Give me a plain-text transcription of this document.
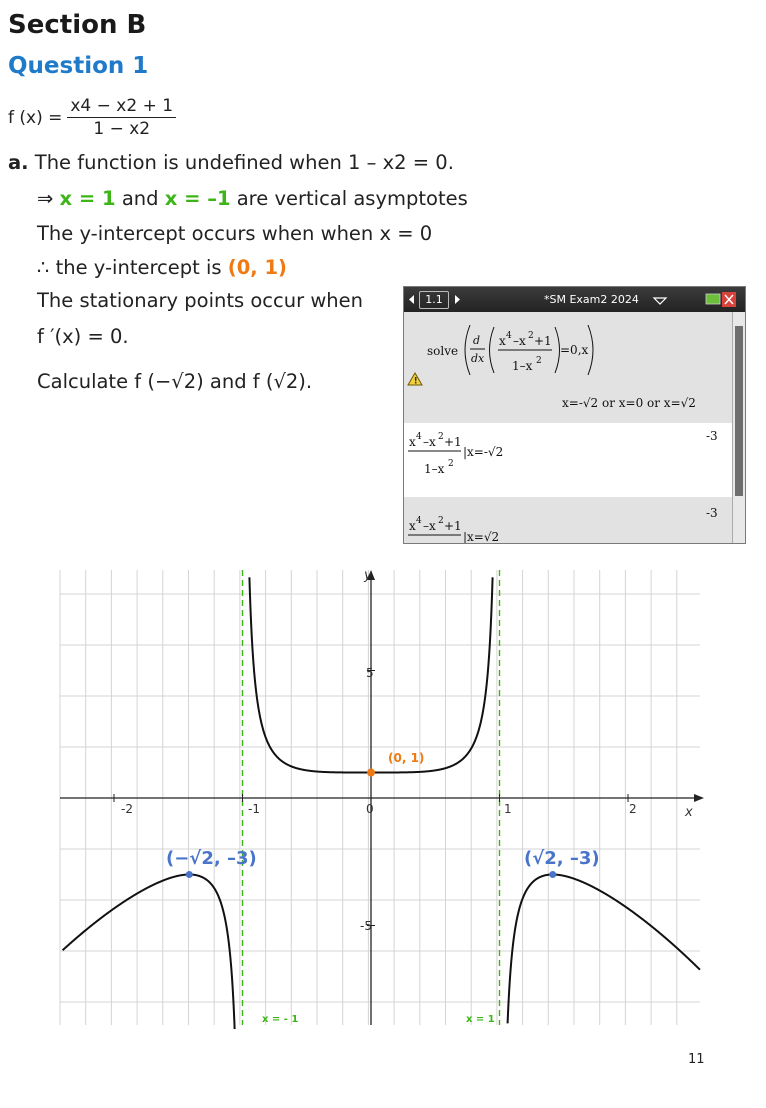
Section B
Question 1
f $(x) = \frac{x4 - x2 + 1}{1 - x2}$
a. The function is undefined when 1 – x2 = 0.
⇒ x = 1 and x = –1 are vertical asymptotes
The y-intercept occurs when when x = 0
∴ the y-intercept is (0, 1)
The stationary points occur when
f ′(x) = 0.
Calculate f (−√2) and f (√2).
1.1	*SM Exam2 2024
!
solve
d
dx
x 4 –x 2 +1
1–x 2
=0,x
x=-√2 or x=0 or x=√2
x 4 –x 2 +1
1–x 2
|x=-√2
-3
x 4 –x 2 +1
|x=√2
-3
y
x
-2	-1	0	1	2
5
-5
(0, 1)
(−√2, –3)	(√2, –3)
x = - 1	x = 1
11
